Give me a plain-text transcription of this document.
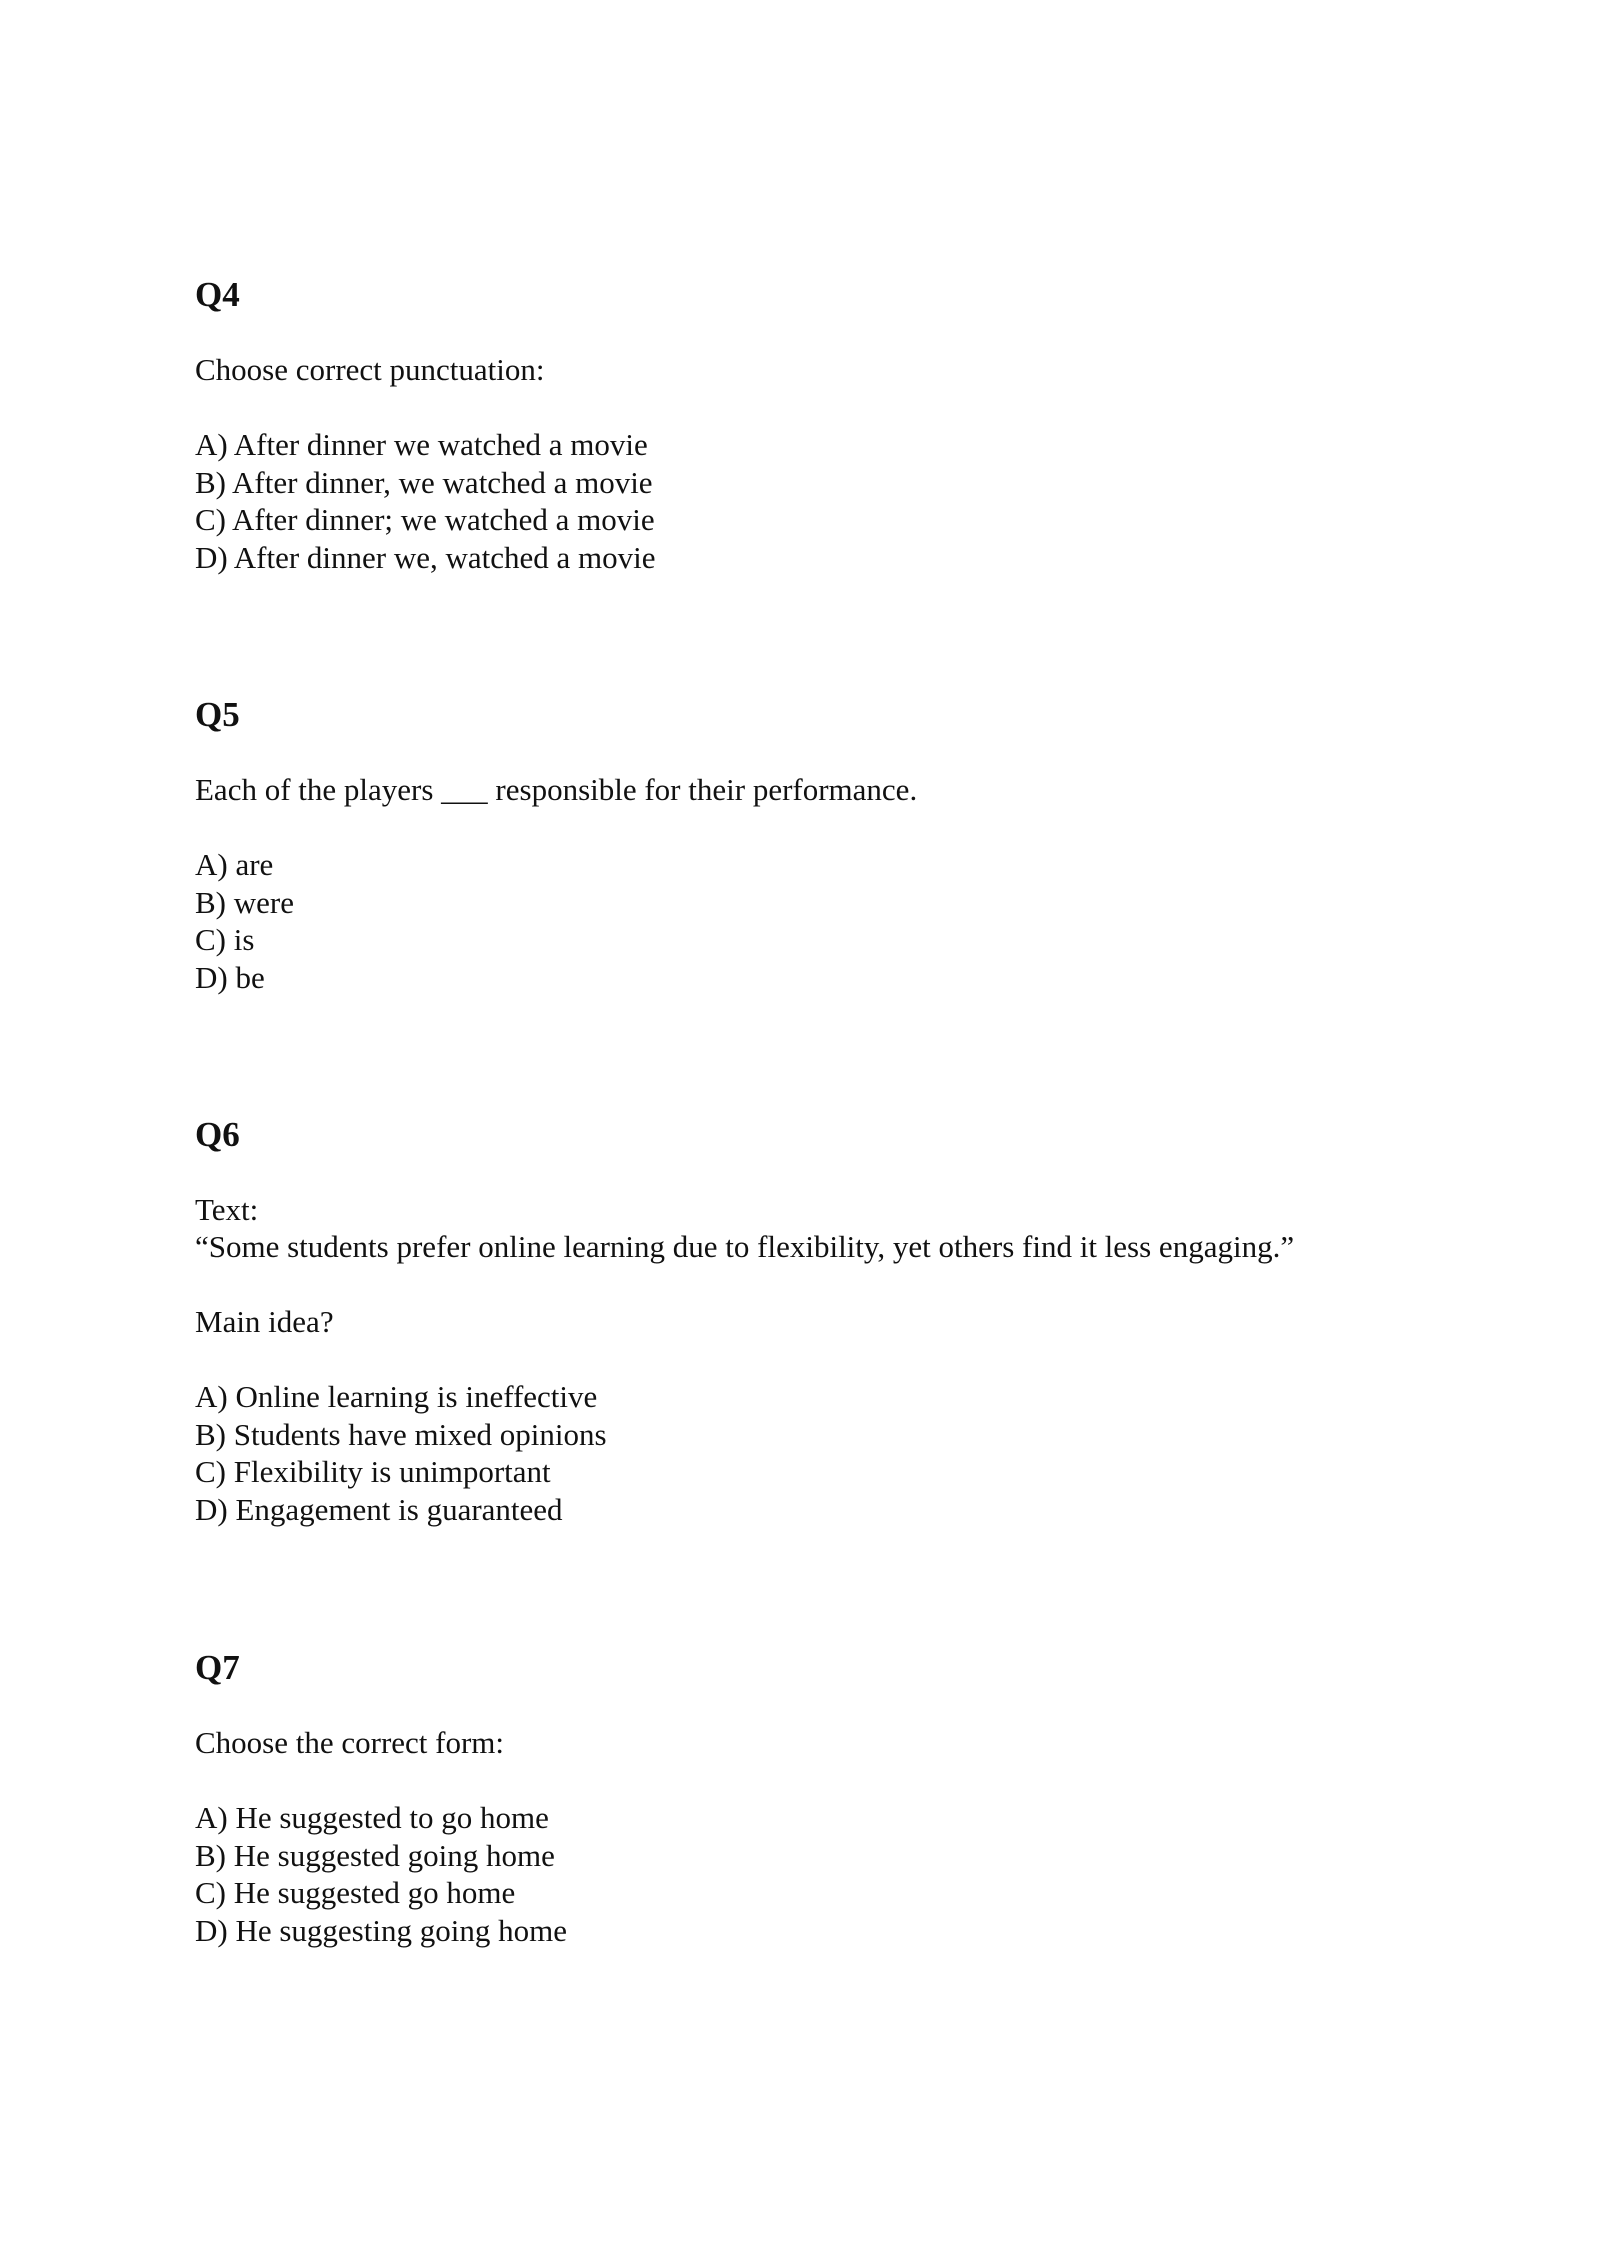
Q4

Choose correct punctuation:

A) After dinner we watched a movie
B) After dinner, we watched a movie
C) After dinner; we watched a movie
D) After dinner we, watched a movie
Q5

Each of the players ___ responsible for their performance.

A) are
B) were
C) is
D) be
Q6

Text:

“Some students prefer online learning due to flexibility, yet others find it less engaging.”

Main idea?

A) Online learning is ineffective
B) Students have mixed opinions
C) Flexibility is unimportant
D) Engagement is guaranteed
Q7

Choose the correct form:

A) He suggested to go home
B) He suggested going home
C) He suggested go home
D) He suggesting going home
